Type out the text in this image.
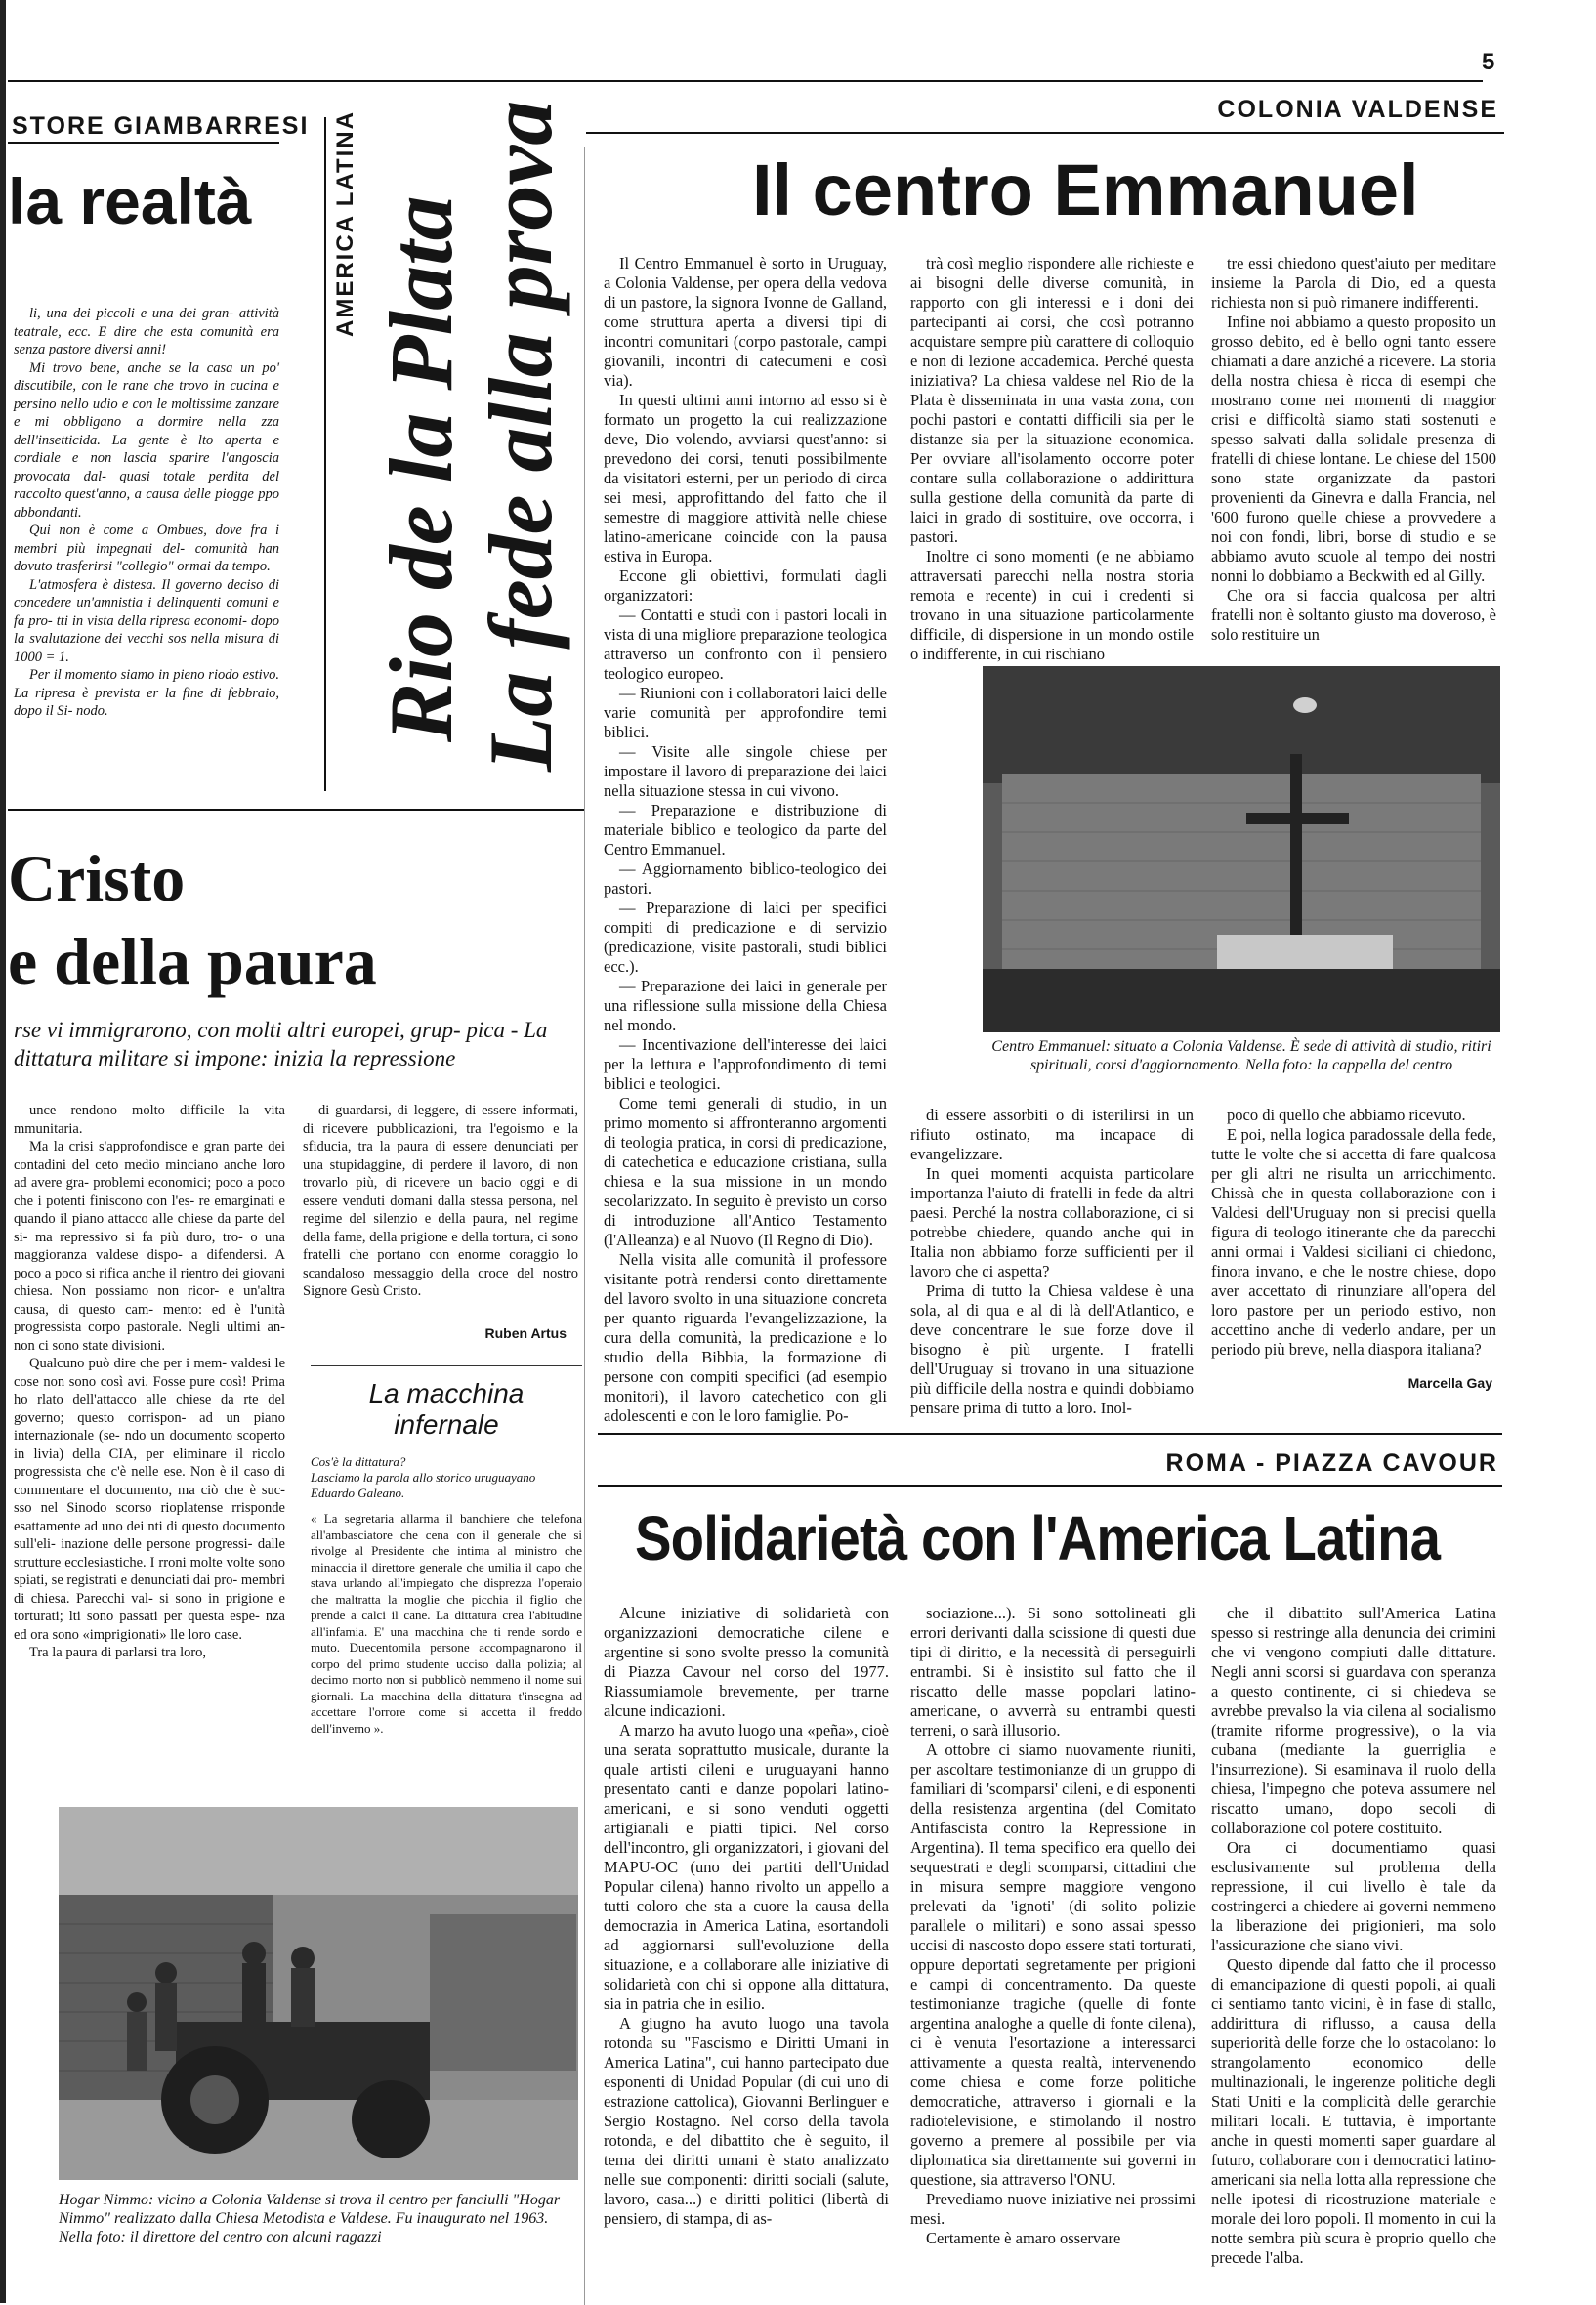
5
STORE GIAMBARRESI
la realtà

li, una dei piccoli e una dei gran- attività teatrale, ecc. E dire che esta comunità era senza pastore diversi anni!

Mi trovo bene, anche se la casa un po' discutibile, con le rane che trovo in cucina e persino nello udio e con le moltissime zanzare e mi obbligano a dormire nella zza dell'insetticida. La gente è lto aperta e cordiale e non lascia sparire l'angoscia provocata dal- quasi totale perdita del raccolto quest'anno, a causa delle piogge ppo abbondanti.

Qui non è come a Ombues, dove fra i membri più impegnati del- comunità han dovuto trasferirsi "collegio" ormai da tempo.

L'atmosfera è distesa. Il governo deciso di concedere un'amnistia i delinquenti comuni e fa pro- tti in vista della ripresa economi- dopo la svalutazione dei vecchi sos nella misura di 1000 = 1.

Per il momento siamo in pieno riodo estivo. La ripresa è prevista er la fine di febbraio, dopo il Si- nodo.

AMERICA LATINA Rio de la Plata La fede alla prova	COLONIA VALDENSE
Il centro Emmanuel

Il Centro Emmanuel è sorto in Uruguay, a Colonia Valdense, per opera della vedova di un pastore, la signora Ivonne de Galland, come struttura aperta a diversi tipi di incontri comunitari (corpo pastorale, campi giovanili, incontri di catecumeni e così via).

In questi ultimi anni intorno ad esso si è formato un progetto la cui realizzazione deve, Dio volendo, avviarsi quest'anno: si prevedono dei corsi, tenuti possibilmente da visitatori esterni, per un periodo di circa sei mesi, approfittando del fatto che il semestre di maggiore attività nelle chiese latino-americane coincide con la pausa estiva in Europa.

Eccone gli obiettivi, formulati dagli organizzatori:

— Contatti e studi con i pastori locali in vista di una migliore preparazione teologica attraverso un confronto con il pensiero teologico europeo.

— Riunioni con i collaboratori laici delle varie comunità per approfondire temi biblici.

— Visite alle singole chiese per impostare il lavoro di preparazione dei laici nella situazione stessa in cui vivono.

— Preparazione e distribuzione di materiale biblico e teologico da parte del Centro Emmanuel.

— Aggiornamento biblico-teologico dei pastori.

— Preparazione di laici per specifici compiti di predicazione e di servizio (predicazione, visite pastorali, studi biblici ecc.).

— Preparazione dei laici in generale per una riflessione sulla missione della Chiesa nel mondo.

— Incentivazione dell'interesse dei laici per la lettura e l'approfondimento di temi biblici e teologici.

Come temi generali di studio, in un primo momento si affronteranno argomenti di teologia pratica, in corsi di predicazione, di catechetica e educazione cristiana, sulla chiesa e la sua missione in un mondo secolarizzato. In seguito è previsto un corso di introduzione all'Antico Testamento (l'Alleanza) e al Nuovo (Il Regno di Dio).

Nella visita alle comunità il professore visitante potrà rendersi conto direttamente del lavoro svolto in una situazione concreta per quanto riguarda l'evangelizzazione, la cura della comunità, la predicazione e lo studio della Bibbia, la formazione di persone con compiti specifici (ad esempio monitori), il lavoro catechetico con gli adolescenti e con le loro famiglie. Po-

trà così meglio rispondere alle richieste e ai bisogni delle diverse comunità, in rapporto con gli interessi e i doni dei partecipanti ai corsi, che così potranno acquistare sempre più carattere di colloquio e non di lezione accademica. Perché questa iniziativa? La chiesa valdese nel Rio de la Plata è disseminata in una vasta zona, con pochi pastori e contatti difficili sia per le distanze sia per la situazione economica. Per ovviare all'isolamento occorre poter contare sulla collaborazione o addirittura sulla gestione della comunità da parte di laici in grado di sostituire, ove occorra, i pastori.

Inoltre ci sono momenti (e ne abbiamo attraversati parecchi nella nostra storia remota e recente) in cui i credenti si trovano in una situazione particolarmente difficile, di dispersione in un mondo ostile o indifferente, in cui rischiano

tre essi chiedono quest'aiuto per meditare insieme la Parola di Dio, ed a questa richiesta non si può rimanere indifferenti.

Infine noi abbiamo a questo proposito un grosso debito, ed è bello ogni tanto essere chiamati a dare anziché a ricevere. La storia della nostra chiesa è ricca di esempi che mostrano come nei momenti di maggior crisi e difficoltà siamo stati sostenuti e spesso salvati dalla solidale presenza di fratelli di chiese lontane. Le chiese del 1500 sono state organizzate da pastori provenienti da Ginevra e dalla Francia, nel '600 furono quelle chiese a provvedere a noi con fondi, libri, borse di studio e se abbiamo avuto scuole al tempo dei nostri nonni lo dobbiamo a Beckwith ed al Gilly.

Che ora si faccia qualcosa per altri fratelli non è soltanto giusto ma doveroso, è solo restituire un

Centro Emmanuel: situato a Colonia Valdense. È sede di attività di studio, ritiri spirituali, corsi d'aggiornamento. Nella foto: la cappella del centro

di essere assorbiti o di isterilirsi in un rifiuto ostinato, ma incapace di evangelizzare.

In quei momenti acquista particolare importanza l'aiuto di fratelli in fede da altri paesi. Perché la nostra collaborazione, ci si potrebbe chiedere, quando anche qui in Italia non abbiamo forze sufficienti per il lavoro che ci aspetta?

Prima di tutto la Chiesa valdese è una sola, al di qua e al di là dell'Atlantico, e deve concentrare le sue forze dove il bisogno è più urgente. I fratelli dell'Uruguay si trovano in una situazione più difficile della nostra e quindi dobbiamo pensare prima di tutto a loro. Inol-

poco di quello che abbiamo ricevuto.

E poi, nella logica paradossale della fede, tutte le volte che si accetta di fare qualcosa per gli altri ne risulta un arricchimento. Chissà che in questa collaborazione con i Valdesi dell'Uruguay non si precisi quella figura di teologo itinerante che da parecchi anni ormai i Valdesi siciliani ci chiedono, finora invano, e che le nostre chiese, dopo aver accettato di rinunziare all'opera del loro pastore per un periodo estivo, non accettino anche di vederlo andare, per un periodo più breve, nella diaspora italiana?

Marcella Gay
Cristo
e della paura
rse vi immigrarono, con molti altri europei, grup- pica - La dittatura militare si impone: inizia la repressione

unce rendono molto difficile la vita mmunitaria.

Ma la crisi s'approfondisce e gran parte dei contadini del ceto medio minciano anche loro ad avere gra- problemi economici; poco a poco che i potenti finiscono con l'es- re emarginati e quando il piano attacco alle chiese da parte del si- ma repressivo si fa più duro, tro- o una maggioranza valdese dispo- a difendersi. A poco a poco si rifica anche il rientro dei giovani chiesa. Non possiamo non ricor- e un'altra causa, di questo cam- mento: ed è l'unità progressista corpo pastorale. Negli ultimi an- non ci sono state divisioni.

Qualcuno può dire che per i mem- valdesi le cose non sono così avi. Fosse pure così! Prima ho rlato dell'attacco alle chiese da rte del governo; questo corrispon- ad un piano internazionale (se- ndo un documento scoperto in livia) della CIA, per eliminare il ricolo progressista che c'è nelle ese. Non è il caso di commentare el documento, ma ciò che è suc- sso nel Sinodo scorso rioplatense rrisponde esattamente ad uno dei nti di questo documento sull'eli- inazione delle persone progressi- dalle strutture ecclesiastiche. I rroni molte volte sono spiati, se registrati e denunciati dai pro- membri di chiesa. Parecchi val- si sono in prigione e torturati; lti sono passati per questa espe- nza ed ora sono «imprigionati» lle loro case.

Tra la paura di parlarsi tra loro,

di guardarsi, di leggere, di essere informati, di ricevere pubblicazioni, tra l'egoismo e la sfiducia, tra la paura di essere denunciati per una stupidaggine, di perdere il lavoro, di non trovarlo più, di ricevere un bacio oggi e di essere venduti domani dalla stessa persona, nel regime del silenzio e della paura, nel regime della fame, della prigione e della tortura, ci sono fratelli che portano con enorme coraggio lo scandaloso messaggio della croce del nostro Signore Gesù Cristo.

Ruben Artus
La macchina
infernale
Cos'è la dittatura?
Lasciamo la parola allo storico uruguayano Eduardo Galeano.
« La segretaria allarma il banchiere che telefona all'ambasciatore che cena con il generale che si rivolge al Presidente che intima al ministro che minaccia il direttore generale che umilia il capo che stava urlando all'impiegato che disprezza l'operaio che maltratta la moglie che picchia il figlio che prende a calci il cane. La dittatura crea l'abitudine all'infamia. E' una macchina che ti rende sordo e muto. Duecentomila persone accompagnarono il corpo del primo studente ucciso dalla polizia; al decimo morto non si pubblicò nemmeno il nome sui giornali. La macchina della dittatura t'insegna ad accettare l'orrore come si accetta il freddo dell'inverno ».
Hogar Nimmo: vicino a Colonia Valdense si trova il centro per fanciulli "Hogar Nimmo" realizzato dalla Chiesa Metodista e Valdese. Fu inaugurato nel 1963. Nella foto: il direttore del centro con alcuni ragazzi
ROMA - PIAZZA CAVOUR
Solidarietà con l'America Latina

Alcune iniziative di solidarietà con organizzazioni democratiche cilene e argentine si sono svolte presso la comunità di Piazza Cavour nel corso del 1977. Riassumiamole brevemente, per trarne alcune indicazioni.

A marzo ha avuto luogo una «peña», cioè una serata soprattutto musicale, durante la quale artisti cileni e uruguayani hanno presentato canti e danze popolari latino-americani, e si sono venduti oggetti artigianali e piatti tipici. Nel corso dell'incontro, gli organizzatori, i giovani del MAPU-OC (uno dei partiti dell'Unidad Popular cilena) hanno rivolto un appello a tutti coloro che sta a cuore la causa della democrazia in America Latina, esortandoli ad aggiornarsi sull'evoluzione della situazione, e a collaborare alle iniziative di solidarietà con chi si oppone alla dittatura, sia in patria che in esilio.

A giugno ha avuto luogo una tavola rotonda su "Fascismo e Diritti Umani in America Latina", cui hanno partecipato due esponenti di Unidad Popular (di cui uno di estrazione cattolica), Giovanni Berlinguer e Sergio Rostagno. Nel corso della tavola rotonda, e del dibattito che è seguito, il tema dei diritti umani è stato analizzato nelle sue componenti: diritti sociali (salute, lavoro, casa...) e diritti politici (libertà di pensiero, di stampa, di as-

sociazione...). Si sono sottolineati gli errori derivanti dalla scissione di questi due tipi di diritto, e la necessità di perseguirli entrambi. Si è insistito sul fatto che il riscatto delle masse popolari latino-americane, o avverrà su entrambi questi terreni, o sarà illusorio.

A ottobre ci siamo nuovamente riuniti, per ascoltare testimonianze di un gruppo di familiari di 'scomparsi' cileni, e di esponenti della resistenza argentina (del Comitato Antifascista contro la Repressione in Argentina). Il tema specifico era quello dei sequestrati e degli scomparsi, cittadini che in misura sempre maggiore vengono prelevati da 'ignoti' (di solito polizie parallele o militari) e sono assai spesso uccisi di nascosto dopo essere stati torturati, oppure deportati segretamente per prigioni e campi di concentramento. Da queste testimonianze tragiche (quelle di fonte argentina analoghe a quelle di fonte cilena), ci è venuta l'esortazione a interessarci attivamente a questa realtà, intervenendo come chiesa e come forze politiche democratiche, attraverso i giornali e la radiotelevisione, e stimolando il nostro governo a premere al possibile per via diplomatica sia direttamente sui governi in questione, sia attraverso l'ONU.

Prevediamo nuove iniziative nei prossimi mesi.

Certamente è amaro osservare

che il dibattito sull'America Latina spesso si restringe alla denuncia dei crimini che vi vengono compiuti dalle dittature. Negli anni scorsi si guardava con speranza a questo continente, ci si chiedeva se avrebbe prevalso la via cilena al socialismo (tramite riforme progressive), o la via cubana (mediante la guerriglia e l'insurrezione). Si esaminava il ruolo della chiesa, l'impegno che poteva assumere nel riscatto umano, dopo secoli di collaborazione col potere costituito.

Ora ci documentiamo quasi esclusivamente sul problema della repressione, il cui livello è tale da costringerci a chiedere ai governi nemmeno la liberazione dei prigionieri, ma solo l'assicurazione che siano vivi.

Questo dipende dal fatto che il processo di emancipazione di questi popoli, ai quali ci sentiamo tanto vicini, è in fase di stallo, addirittura di riflusso, a causa della superiorità delle forze che lo ostacolano: lo strangolamento economico delle multinazionali, le ingerenze politiche degli Stati Uniti e la complicità delle gerarchie militari locali. E tuttavia, è importante anche in questi momenti saper guardare al futuro, collaborare con i democratici latino-americani sia nella lotta alla repressione che nelle ipotesi di ricostruzione materiale e morale dei loro popoli. Il momento in cui la notte sembra più scura è proprio quello che precede l'alba.
